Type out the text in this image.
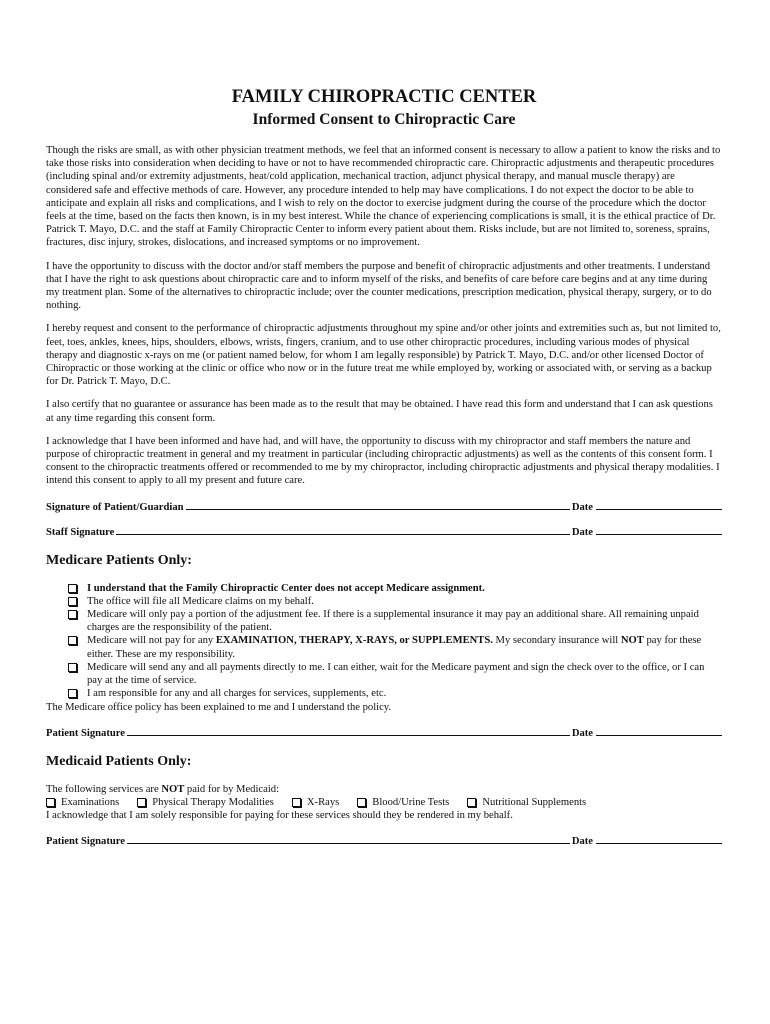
FAMILY CHIROPRACTIC CENTER
Informed Consent to Chiropractic Care

Though the risks are small, as with other physician treatment methods, we feel that an informed consent is necessary to allow a patient to know the risks and to take those risks into consideration when deciding to have or not to have recommended chiropractic care. Chiropractic adjustments and therapeutic procedures (including spinal and/or extremity adjustments, heat/cold application, mechanical traction, adjunct physical therapy, and manual muscle therapy) are considered safe and effective methods of care. However, any procedure intended to help may have complications. I do not expect the doctor to be able to anticipate and explain all risks and complications, and I wish to rely on the doctor to exercise judgment during the course of the procedure which the doctor feels at the time, based on the facts then known, is in my best interest. While the chance of experiencing complications is small, it is the ethical practice of Dr. Patrick T. Mayo, D.C. and the staff at Family Chiropractic Center to inform every patient about them. Risks include, but are not limited to, soreness, sprains, fractures, disc injury, strokes, dislocations, and increased symptoms or no improvement.

I have the opportunity to discuss with the doctor and/or staff members the purpose and benefit of chiropractic adjustments and other treatments. I understand that I have the right to ask questions about chiropractic care and to inform myself of the risks, and benefits of care before care begins and at any time during my treatment plan. Some of the alternatives to chiropractic include; over the counter medications, prescription medication, physical therapy, surgery, or to do nothing.

I hereby request and consent to the performance of chiropractic adjustments throughout my spine and/or other joints and extremities such as, but not limited to, feet, toes, ankles, knees, hips, shoulders, elbows, wrists, fingers, cranium, and to use other chiropractic procedures, including various modes of physical therapy and diagnostic x-rays on me (or patient named below, for whom I am legally responsible) by Patrick T. Mayo, D.C. and/or other licensed Doctor of Chiropractic or those working at the clinic or office who now or in the future treat me while employed by, working or associated with, or serving as a backup for Dr. Patrick T. Mayo, D.C.

I also certify that no guarantee or assurance has been made as to the result that may be obtained. I have read this form and understand that I can ask questions at any time regarding this consent form.

I acknowledge that I have been informed and have had, and will have, the opportunity to discuss with my chiropractor and staff members the nature and purpose of chiropractic treatment in general and my treatment in particular (including chiropractic adjustments) as well as the contents of this consent form. I consent to the chiropractic treatments offered or recommended to me by my chiropractor, including chiropractic adjustments and physical therapy modalities. I intend this consent to apply to all my present and future care.

Signature of Patient/Guardian	Date
Staff Signature	Date
Medicare Patients Only:
I understand that the Family Chiropractic Center does not accept Medicare assignment.
The office will file all Medicare claims on my behalf.
Medicare will only pay a portion of the adjustment fee. If there is a supplemental insurance it may pay an additional share. All remaining unpaid charges are the responsibility of the patient.
Medicare will not pay for any EXAMINATION, THERAPY, X-RAYS, or SUPPLEMENTS. My secondary insurance will NOT pay for these either. These are my responsibility.
Medicare will send any and all payments directly to me. I can either, wait for the Medicare payment and sign the check over to the office, or I can pay at the time of service.
I am responsible for any and all charges for services, supplements, etc.

The Medicare office policy has been explained to me and I understand the policy.

Patient Signature	Date
Medicaid Patients Only:

The following services are NOT paid for by Medicaid:

Examinations	Physical Therapy Modalities	X-Rays	Blood/Urine Tests	Nutritional Supplements

I acknowledge that I am solely responsible for paying for these services should they be rendered in my behalf.

Patient Signature	Date
